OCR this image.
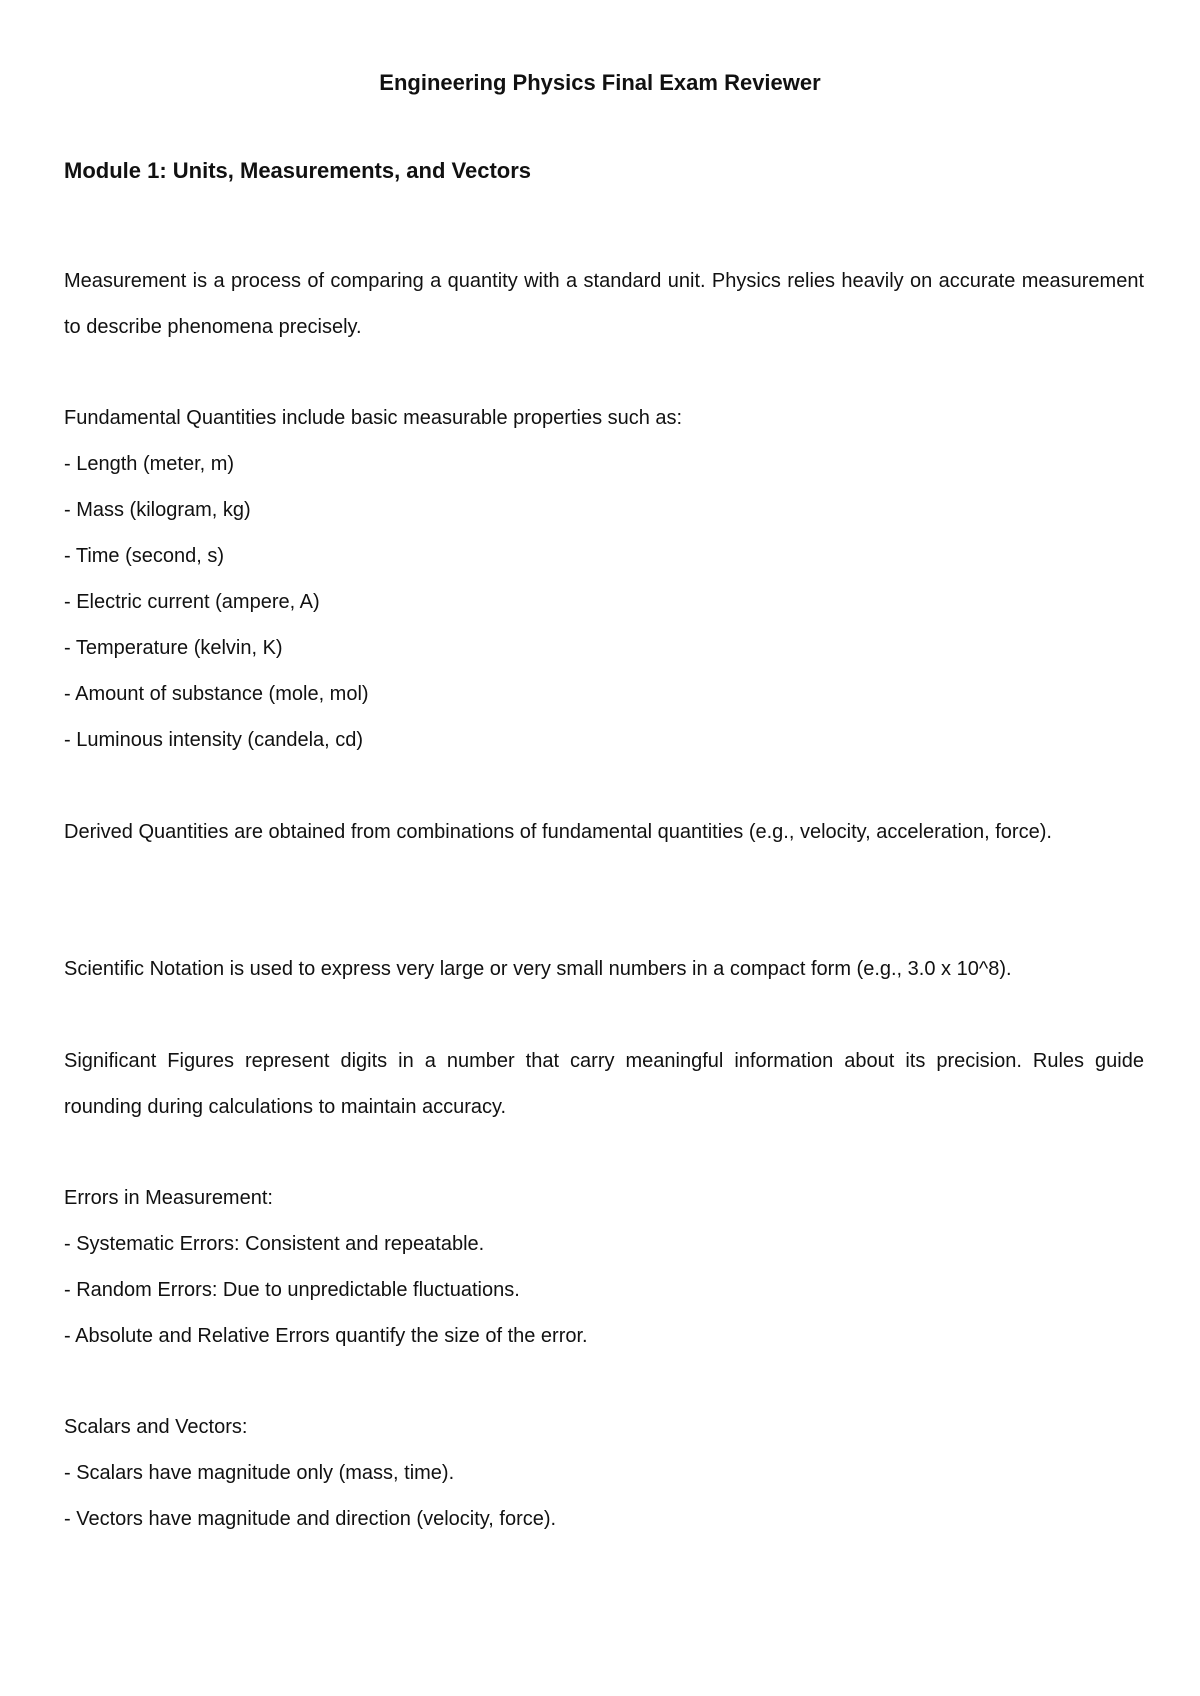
Engineering Physics Final Exam Reviewer
Module 1: Units, Measurements, and Vectors

Measurement is a process of comparing a quantity with a standard unit. Physics relies heavily on accurate measurement to describe phenomena precisely.

Fundamental Quantities include basic measurable properties such as:
- Length (meter, m)
- Mass (kilogram, kg)
- Time (second, s)
- Electric current (ampere, A)
- Temperature (kelvin, K)
- Amount of substance (mole, mol)
- Luminous intensity (candela, cd)

Derived Quantities are obtained from combinations of fundamental quantities (e.g., velocity, acceleration, force).

Scientific Notation is used to express very large or very small numbers in a compact form (e.g., 3.0 x 10^8).

Significant Figures represent digits in a number that carry meaningful information about its precision. Rules guide rounding during calculations to maintain accuracy.

Errors in Measurement:
- Systematic Errors: Consistent and repeatable.
- Random Errors: Due to unpredictable fluctuations.
- Absolute and Relative Errors quantify the size of the error.
Scalars and Vectors:
- Scalars have magnitude only (mass, time).
- Vectors have magnitude and direction (velocity, force).
